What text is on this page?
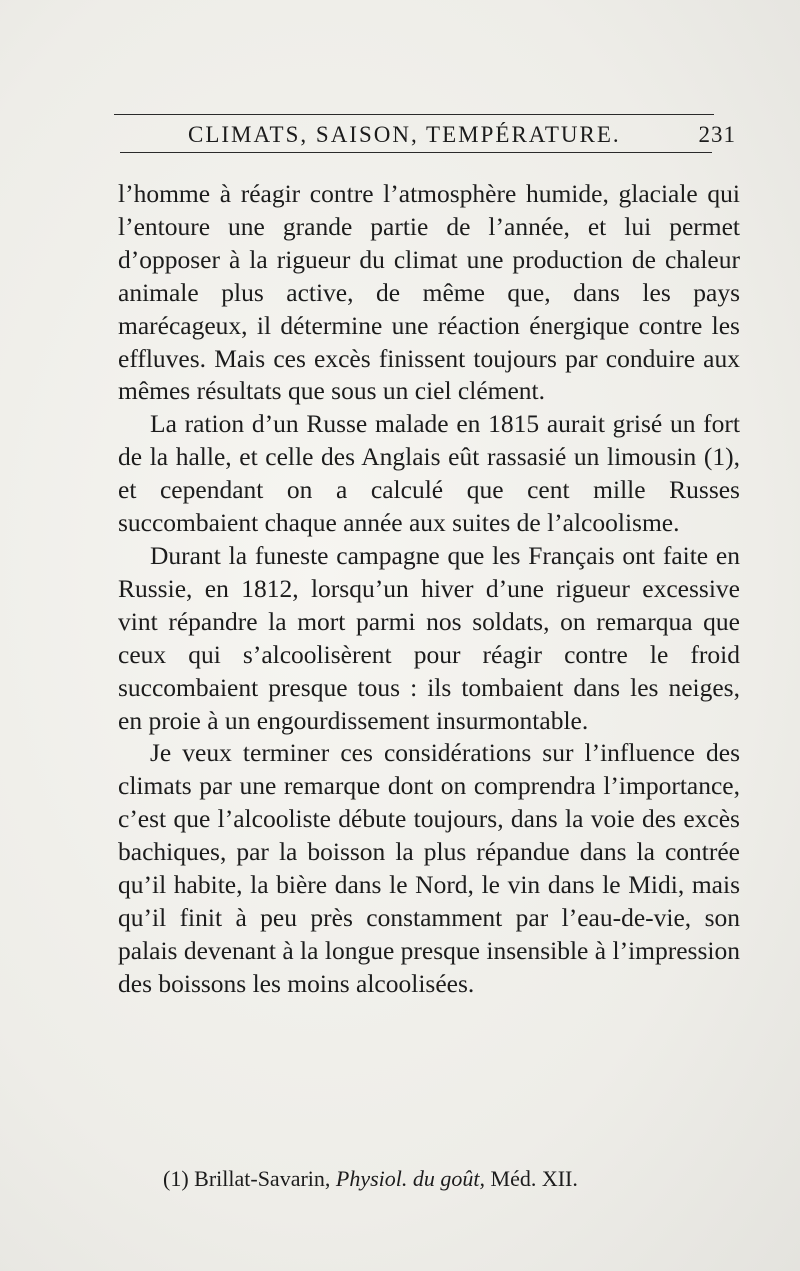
CLIMATS, SAISON, TEMPÉRATURE.	231

l’homme à réagir contre l’atmosphère humide, glaciale qui l’entoure une grande partie de l’année, et lui permet d’opposer à la rigueur du climat une production de chaleur animale plus active, de même que, dans les pays marécageux, il détermine une réaction énergique contre les effluves. Mais ces excès finissent toujours par conduire aux mêmes résultats que sous un ciel clément.

La ration d’un Russe malade en 1815 aurait grisé un fort de la halle, et celle des Anglais eût rassasié un limousin (1), et cependant on a calculé que cent mille Russes succombaient chaque année aux suites de l’alcoolisme.

Durant la funeste campagne que les Français ont faite en Russie, en 1812, lorsqu’un hiver d’une rigueur excessive vint répandre la mort parmi nos soldats, on remarqua que ceux qui s’alcoolisèrent pour réagir contre le froid succombaient presque tous : ils tombaient dans les neiges, en proie à un engourdissement insurmontable.

Je veux terminer ces considérations sur l’influence des climats par une remarque dont on comprendra l’importance, c’est que l’alcooliste débute toujours, dans la voie des excès bachiques, par la boisson la plus répandue dans la contrée qu’il habite, la bière dans le Nord, le vin dans le Midi, mais qu’il finit à peu près constamment par l’eau-de-vie, son palais devenant à la longue presque insensible à l’impression des boissons les moins alcoolisées.

(1) Brillat-Savarin, Physiol. du goût, Méd. XII.
